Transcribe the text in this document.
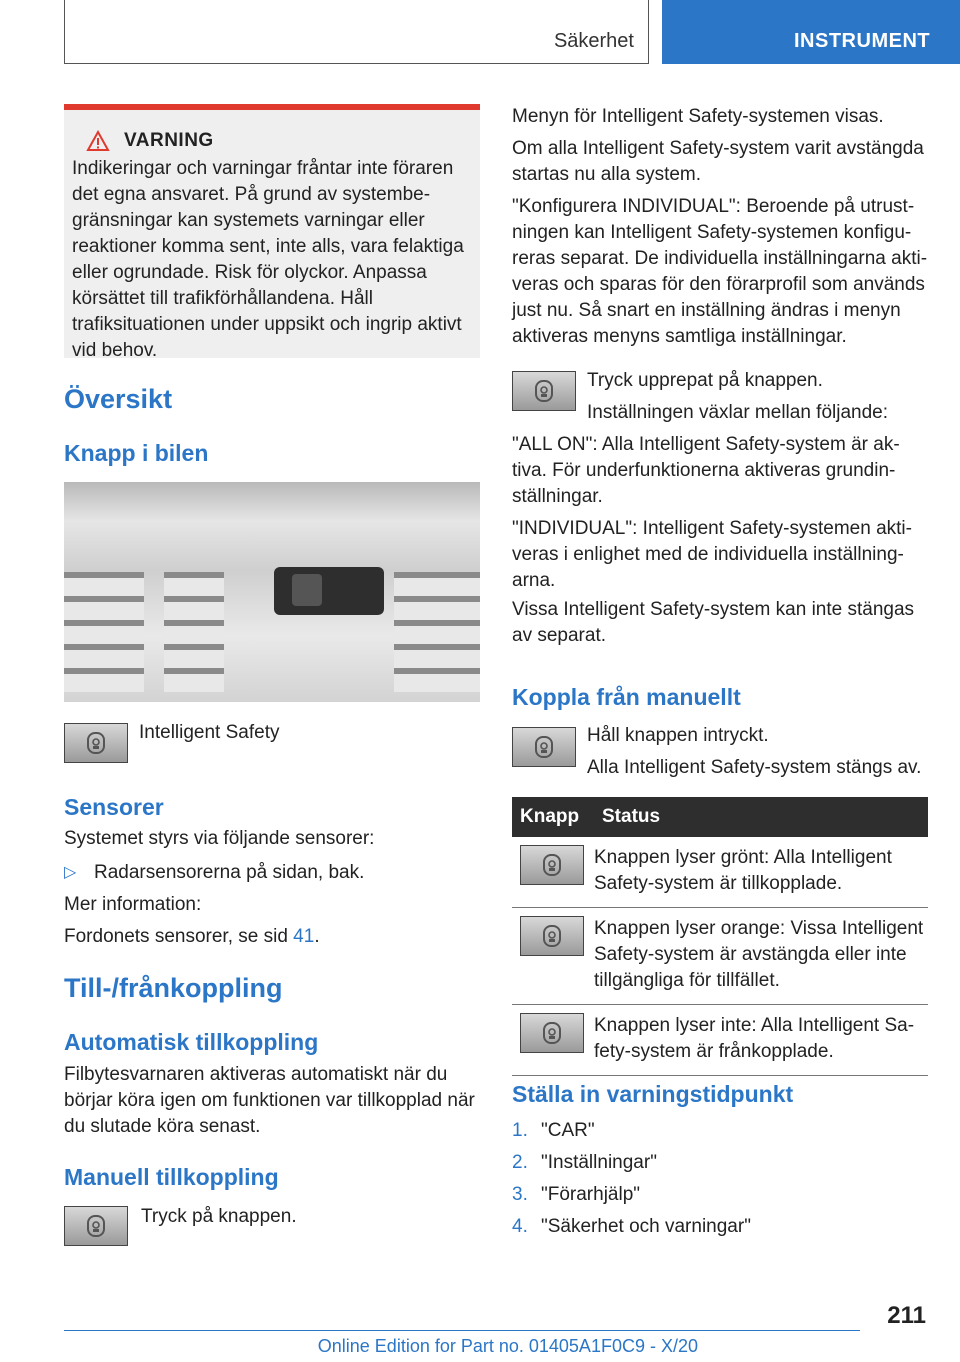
Säkerhet	INSTRUMENT
VARNING

Indikeringar och varningar fråntar inte föraren det egna ansvaret. På grund av systembegränsningar kan systemets varningar eller reaktioner komma sent, inte alls, vara felaktiga eller ogrundade. Risk för olyckor. Anpassa körsättet till trafikförhållandena. Håll trafiksituationen under uppsikt och ingrip aktivt vid behov.

Översikt
Knapp i bilen

Intelligent Safety

Sensorer

Systemet styrs via följande sensorer:

▷ Radarsensorerna på sidan, bak.

Mer information:

Fordonets sensorer, se sid 41.

Till-/frånkoppling
Automatisk tillkoppling

Filbytesvarnaren aktiveras automatiskt när du börjar köra igen om funktionen var tillkopplad när du slutade köra senast.

Manuell tillkoppling

Tryck på knappen.

Menyn för Intelligent Safety-systemen visas.

Om alla Intelligent Safety-system varit avstängda startas nu alla system.

"Konfigurera INDIVIDUAL": Beroende på utrustningen kan Intelligent Safety-systemen konfigureras separat. De individuella inställningarna aktiveras och sparas för den förarprofil som används just nu. Så snart en inställning ändras i menyn aktiveras menyns samtliga inställningar.

Tryck upprepat på knappen.

Inställningen växlar mellan följande:

"ALL ON": Alla Intelligent Safety-system är aktiva. För underfunktionerna aktiveras grundinställningar.

"INDIVIDUAL": Intelligent Safety-systemen aktiveras i enlighet med de individuella inställningarna.

Vissa Intelligent Safety-system kan inte stängas av separat.

Koppla från manuellt

Håll knappen intryckt.

Alla Intelligent Safety-system stängs av.

Knapp	Status

	Knappen lyser grönt: Alla Intelligent Safety-system är tillkopplade.

	Knappen lyser orange: Vissa Intelligent Safety-system är avstängda eller inte tillgängliga för tillfället.

	Knappen lyser inte: Alla Intelligent Safety-system är frånkopplade.
Ställa in varningstidpunkt
1. "CAR"
2. "Inställningar"
3. "Förarhjälp"
4. "Säkerhet och varningar"
211
Online Edition for Part no. 01405A1F0C9 - X/20
